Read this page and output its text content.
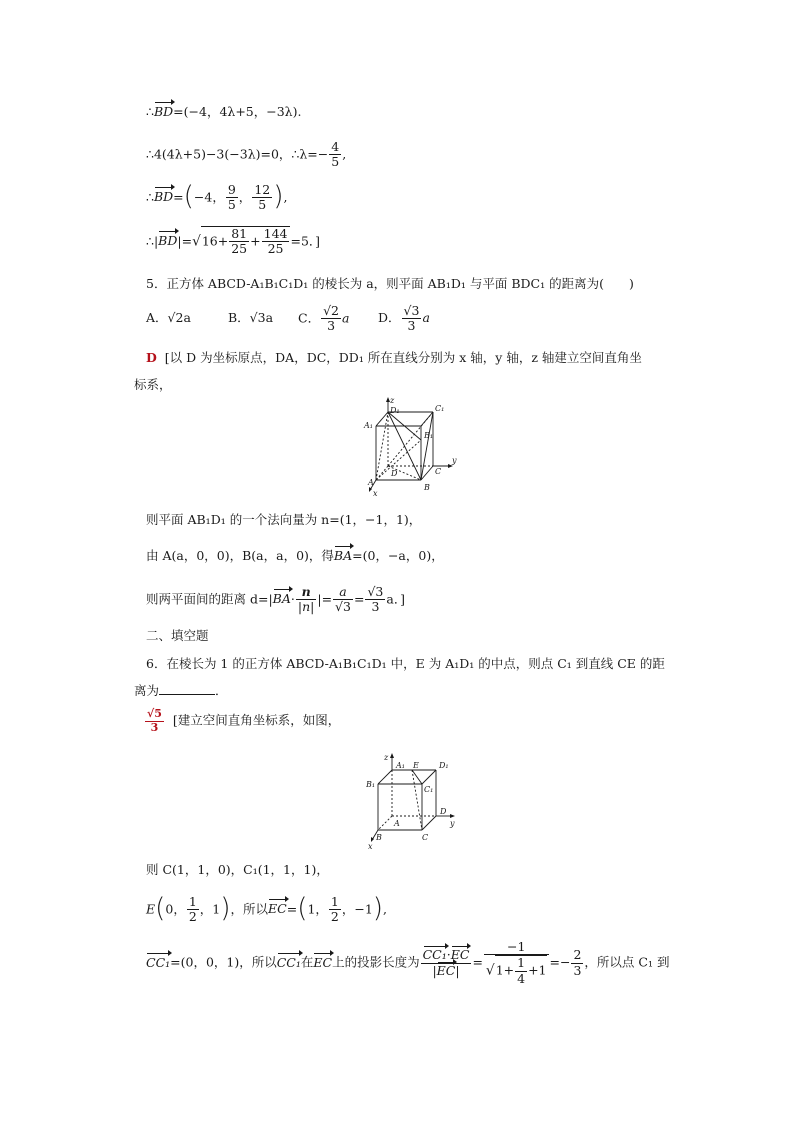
∴BD=(−4，4λ+5，−3λ).
∴4(4λ+5)−3(−3λ)=0，∴λ=− $\frac{4}{5}$ ,
∴BD=(−4， $\frac{9}{5}$ ， $\frac{12}{5}$ ),
∴|BD|=√16+ $\frac{81}{25} + \frac{144}{25} =5$．]
5．正方体 ABCD-A₁B₁C₁D₁ 的棱长为 a，则平面 AB₁D₁ 与平面 BDC₁ 的距离为(　　)
A．√2a	B．√3a C． $\frac{√2}{3}$ a D． $\frac{√3}{3}$ a
D [以 D 为坐标原点，DA，DC，DD₁ 所在直线分别为 x 轴，y 轴，z 轴建立空间直角坐
标系，
z
D₁	C₁
A₁
B₁
y
D	C
A
x
B
则平面 AB₁D₁ 的一个法向量为 n=(1，−1，1)，
由 A(a，0，0)，B(a，a，0)，得BA=(0，−a，0)，
则两平面间的距离 $d=|BA\cdot \frac{n}{|n|}$ |= $\frac{a}{√3} = \frac{√3}{3}$ a．]
二、填空题
6．在棱长为 1 的正方体 ABCD-A₁B₁C₁D₁ 中，E 为 A₁D₁ 的中点，则点 C₁ 到直线 CE 的距
离为	．
$\frac{√5}{3}$ [建立空间直角坐标系，如图，
z
A₁ E	D₁
B₁
C₁
D
A	y
B	C
x
则 C(1，1，0)，C₁(1，1，1)，
E(0， $\frac{1}{2}$ ，1)，所以EC=(1， $\frac{1}{2}$ ，−1),
CC₁=(0，0，1)，所以CC₁在EC上的投影长度为 $\frac{\text{CC₁·EC}}{|EC|} = \frac{-1}{√1+ \frac{1}{4} +1} =- \frac{2}{3}$ ，所以点 C₁ 到
